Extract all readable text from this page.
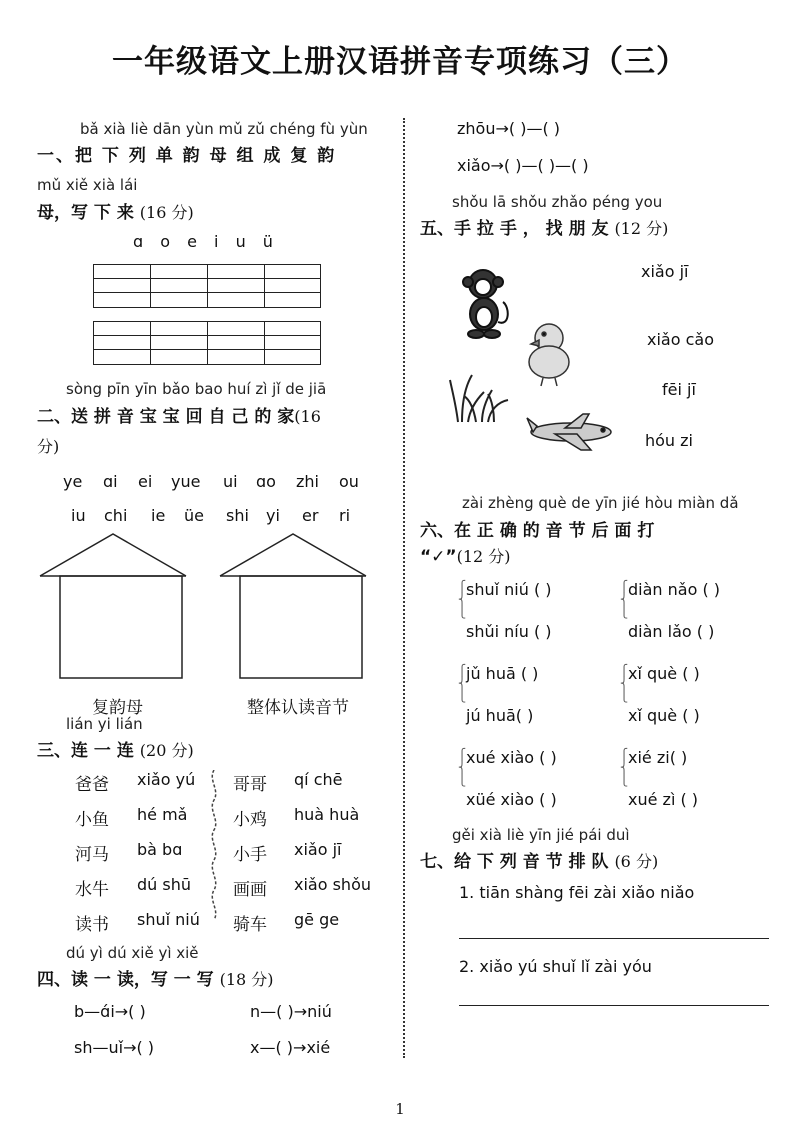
一年级语文上册汉语拼音专项练习（三）
bǎ xià liè dān yùn mǔ zǔ chéng fù yùn
一、把 下 列 单 韵 母 组 成 复 韵
mǔ xiě xià lái
母，写 下 来 (16 分)
ɑ o e i u ü
sòng pīn yīn bǎo bao huí zì jǐ de jiā
二、送 拼 音 宝 宝 回 自 己 的 家(16
分)
ye ɑi ei yue ui ɑo zhi ou
iu chi ie üe shi yi er ri
复韵母	整体认读音节
lián yi lián
三、连 一 连 (20 分)
爸爸 xiǎo yú
小鱼 hé mǎ
河马 bà bɑ
水牛 dú shū
读书 shuǐ niú
哥哥 qí chē
小鸡 huà huà
小手 xiǎo jī
画画 xiǎo shǒu
骑车 gē ge
dú yì dú xiě yì xiě
四、读 一 读，写 一 写 (18 分)
b—ɑ́i→( )	n—( )→niú
sh—uǐ→( )	x—( )→xié
zhōu→( )—( )
xiǎo→( )—( )—( )
shǒu lā shǒu zhǎo péng you
五、手 拉 手 ， 找 朋 友 (12 分)
xiǎo jī
xiǎo cǎo
fēi jī
hóu zi
zài zhèng què de yīn jié hòu miàn dǎ
六、在 正 确 的 音 节 后 面 打
“✓”(12 分)
⎧
⎨
⎩
shuǐ niú ( )
shǔi níu ( )
⎧
⎨
⎩
jǔ huā ( )
jú huā( )
⎧
⎨
⎩
xué xiào ( )
xüé xiào ( )
⎧
⎨
⎩
diàn nǎo ( )
diàn lǎo ( )
⎧
⎨
⎩
xǐ què ( )
xǐ què ( )
⎧
⎨
⎩
xié zi( )
xué zì ( )
gěi xià liè yīn jié pái duì
七、给 下 列 音 节 排 队 (6 分)
1. tiān shàng fēi zài xiǎo niǎo
2. xiǎo yú shuǐ lǐ zài yóu
1
